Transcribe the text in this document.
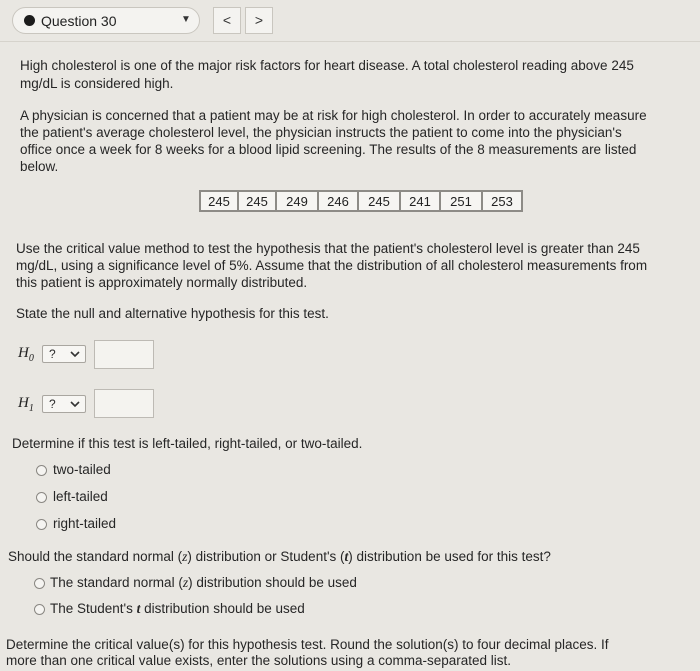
Question 30	▼	<	>
High cholesterol is one of the major risk factors for heart disease. A total cholesterol reading above 245
mg/dL is considered high.
A physician is concerned that a patient may be at risk for high cholesterol. In order to accurately measure
the patient's average cholesterol level, the physician instructs the patient to come into the physician's
office once a week for 8 weeks for a blood lipid screening. The results of the 8 measurements are listed
below.
245	245	249	246	245	241	251	253
Use the critical value method to test the hypothesis that the patient's cholesterol level is greater than 245
mg/dL, using a significance level of 5%. Assume that the distribution of all cholesterol measurements from
this patient is approximately normally distributed.
State the null and alternative hypothesis for this test.
$H_0$ ?
$H_1$ ?
Determine if this test is left-tailed, right-tailed, or two-tailed.
two-tailed
left-tailed
right-tailed
Should the standard normal (z) distribution or Student's (t) distribution be used for this test?
The standard normal (z) distribution should be used
The Student's t distribution should be used
Determine the critical value(s) for this hypothesis test. Round the solution(s) to four decimal places. If
more than one critical value exists, enter the solutions using a comma-separated list.
